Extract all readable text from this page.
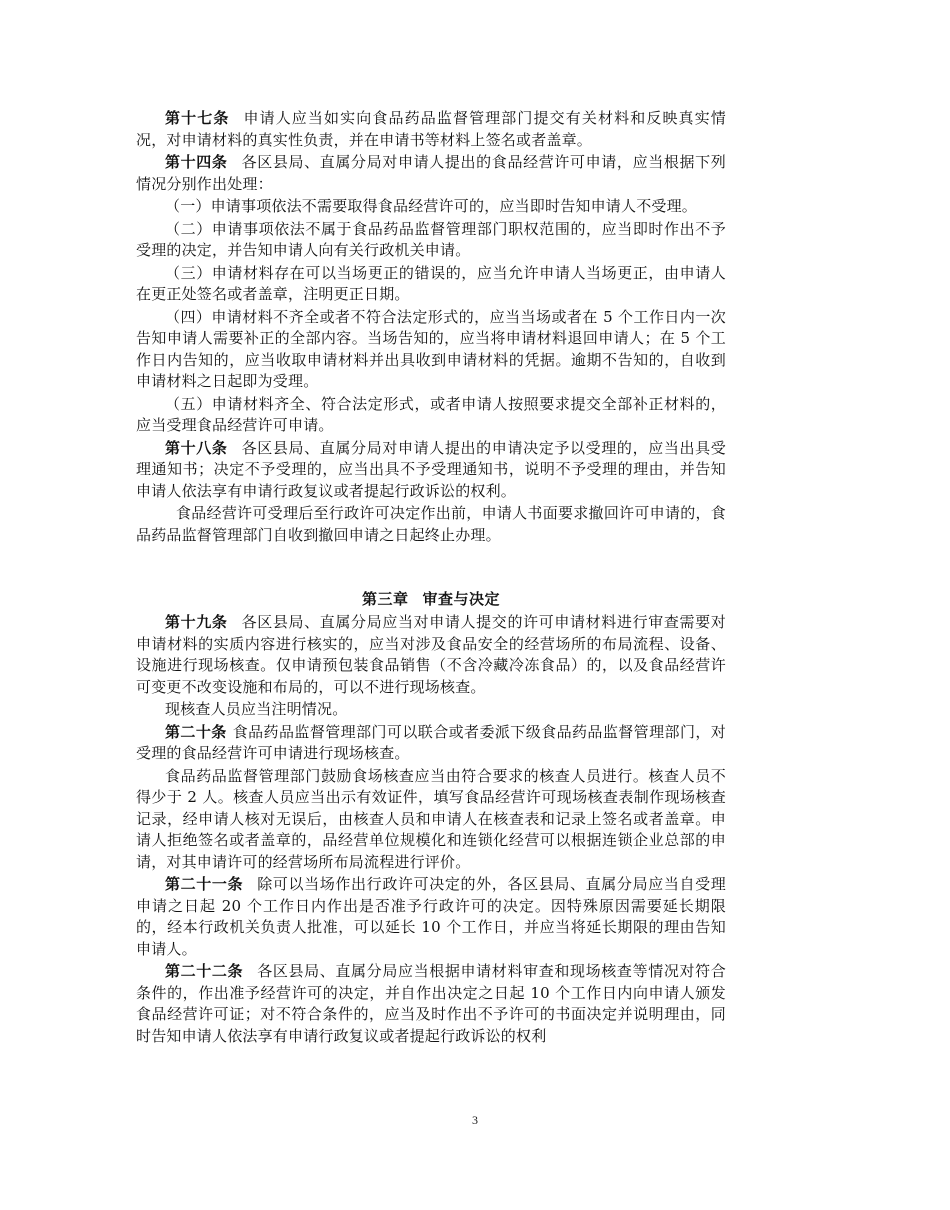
第十七条 申请人应当如实向食品药品监督管理部门提交有关材料和反映真实情况，对申请材料的真实性负责，并在申请书等材料上签名或者盖章。

第十四条 各区县局、直属分局对申请人提出的食品经营许可申请，应当根据下列情况分别作出处理：

（一）申请事项依法不需要取得食品经营许可的，应当即时告知申请人不受理。

（二）申请事项依法不属于食品药品监督管理部门职权范围的，应当即时作出不予受理的决定，并告知申请人向有关行政机关申请。

（三）申请材料存在可以当场更正的错误的，应当允许申请人当场更正，由申请人在更正处签名或者盖章，注明更正日期。

（四）申请材料不齐全或者不符合法定形式的，应当当场或者在 5 个工作日内一次告知申请人需要补正的全部内容。当场告知的，应当将申请材料退回申请人；在 5 个工作日内告知的，应当收取申请材料并出具收到申请材料的凭据。逾期不告知的，自收到申请材料之日起即为受理。

（五）申请材料齐全、符合法定形式，或者申请人按照要求提交全部补正材料的，应当受理食品经营许可申请。

第十八条 各区县局、直属分局对申请人提出的申请决定予以受理的，应当出具受理通知书；决定不予受理的，应当出具不予受理通知书，说明不予受理的理由，并告知申请人依法享有申请行政复议或者提起行政诉讼的权利。

食品经营许可受理后至行政许可决定作出前，申请人书面要求撤回许可申请的，食品药品监督管理部门自收到撤回申请之日起终止办理。

第三章 审查与决定

第十九条 各区县局、直属分局应当对申请人提交的许可申请材料进行审查需要对申请材料的实质内容进行核实的，应当对涉及食品安全的经营场所的布局流程、设备、设施进行现场核查。仅申请预包装食品销售（不含冷藏冷冻食品）的，以及食品经营许可变更不改变设施和布局的，可以不进行现场核查。

现核查人员应当注明情况。

第二十条 食品药品监督管理部门可以联合或者委派下级食品药品监督管理部门，对受理的食品经营许可申请进行现场核查。

食品药品监督管理部门鼓励食场核查应当由符合要求的核查人员进行。核查人员不得少于 2 人。核查人员应当出示有效证件，填写食品经营许可现场核查表制作现场核查记录，经申请人核对无误后，由核查人员和申请人在核查表和记录上签名或者盖章。申请人拒绝签名或者盖章的，品经营单位规模化和连锁化经营可以根据连锁企业总部的申请，对其申请许可的经营场所布局流程进行评价。

第二十一条 除可以当场作出行政许可决定的外，各区县局、直属分局应当自受理申请之日起 20 个工作日内作出是否准予行政许可的决定。因特殊原因需要延长期限的，经本行政机关负责人批准，可以延长 10 个工作日，并应当将延长期限的理由告知申请人。

第二十二条 各区县局、直属分局应当根据申请材料审查和现场核查等情况对符合条件的，作出准予经营许可的决定，并自作出决定之日起 10 个工作日内向申请人颁发食品经营许可证；对不符合条件的，应当及时作出不予许可的书面决定并说明理由，同时告知申请人依法享有申请行政复议或者提起行政诉讼的权利

3
